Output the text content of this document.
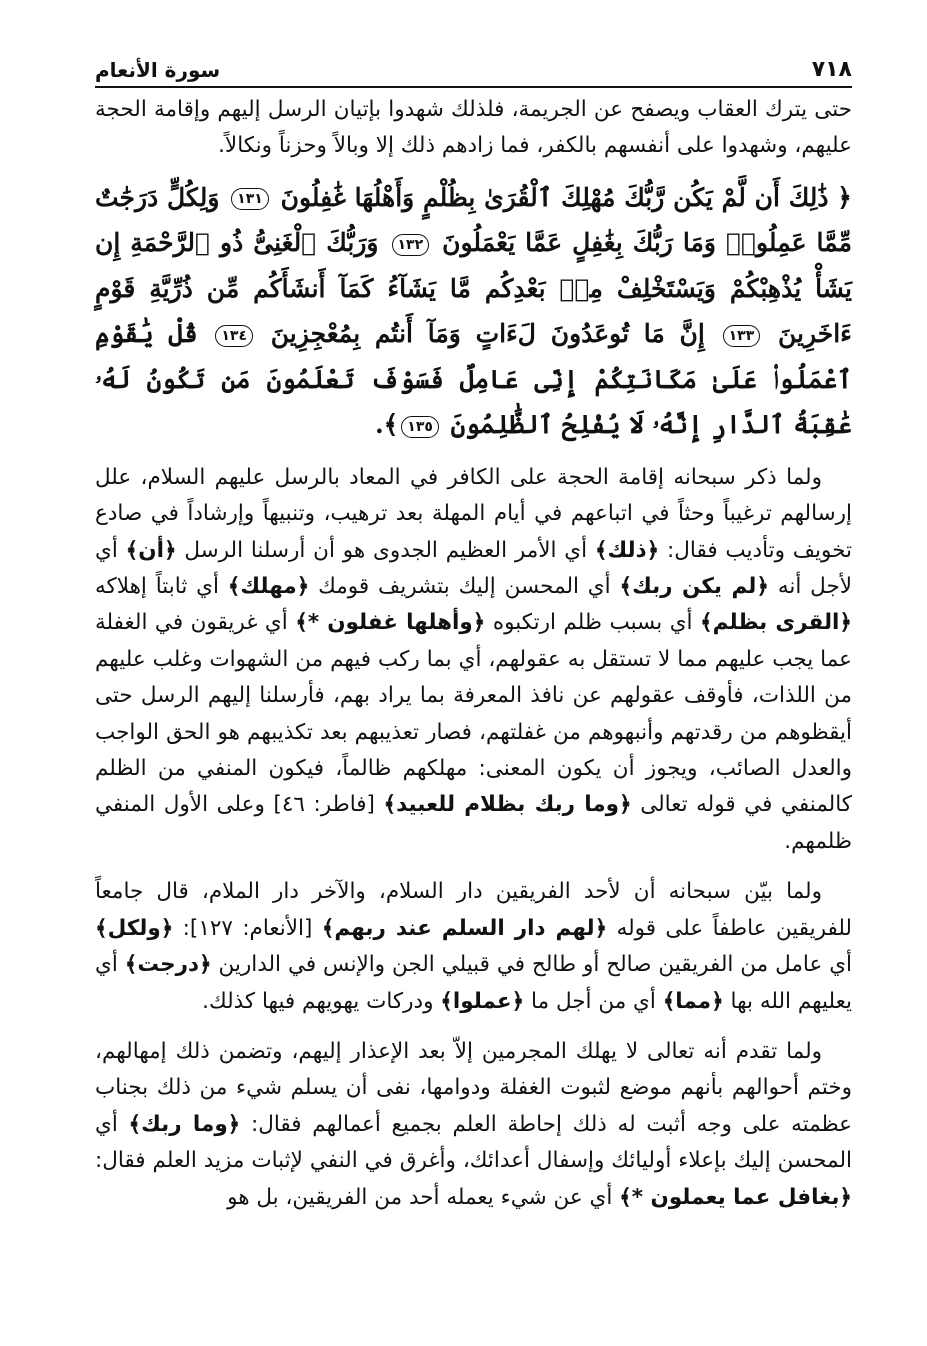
٧١٨
سورة الأنعام

حتى يترك العقاب ويصفح عن الجريمة، فلذلك شهدوا بإتيان الرسل إليهم وإقامة الحجة عليهم، وشهدوا على أنفسهم بالكفر، فما زادهم ذلك إلا وبالاً وحزناً ونكالاً.

﴿ ذَٰلِكَ أَن لَّمْ يَكُن رَّبُّكَ مُهْلِكَ ٱلْقُرَىٰ بِظُلْمٍ وَأَهْلُهَا غَٰفِلُونَ ١٣١ وَلِكُلٍّ دَرَجَٰتٌ مِّمَّا عَمِلُوا۟ وَمَا رَبُّكَ بِغَٰفِلٍ عَمَّا يَعْمَلُونَ ١٣٢ وَرَبُّكَ ٱلْغَنِىُّ ذُو ٱلرَّحْمَةِ إِن يَشَأْ يُذْهِبْكُمْ وَيَسْتَخْلِفْ مِنۢ بَعْدِكُم مَّا يَشَآءُ كَمَآ أَنشَأَكُم مِّن ذُرِّيَّةِ قَوْمٍ ءَاخَرِينَ ١٣٣ إِنَّ مَا تُوعَدُونَ لَءَاتٍ وَمَآ أَنتُم بِمُعْجِزِينَ ١٣٤ قُلْ يَٰقَوْمِ ٱعْمَلُوا۟ عَلَىٰ مَكَانَتِكُمْ إِنِّى عَامِلٌ فَسَوْفَ تَعْلَمُونَ مَن تَكُونُ لَهُۥ عَٰقِبَةُ ٱلدَّارِ إِنَّهُۥ لَا يُفْلِحُ ٱلظَّٰلِمُونَ ١٣٥﴾.

ولما ذكر سبحانه إقامة الحجة على الكافر في المعاد بالرسل عليهم السلام، علل إرسالهم ترغيباً وحثاً في اتباعهم في أيام المهلة بعد ترهيب، وتنبيهاً وإرشاداً في صادع تخويف وتأديب فقال: ﴿ذلك﴾ أي الأمر العظيم الجدوى هو أن أرسلنا الرسل ﴿أن﴾ أي لأجل أنه ﴿لم يكن ربك﴾ أي المحسن إليك بتشريف قومك ﴿مهلك﴾ أي ثابتاً إهلاكه ﴿القرى بظلم﴾ أي بسبب ظلم ارتكبوه ﴿وأهلها غفلون *﴾ أي غريقون في الغفلة عما يجب عليهم مما لا تستقل به عقولهم، أي بما ركب فيهم من الشهوات وغلب عليهم من اللذات، فأوقف عقولهم عن نافذ المعرفة بما يراد بهم، فأرسلنا إليهم الرسل حتى أيقظوهم من رقدتهم وأنبهوهم من غفلتهم، فصار تعذيبهم بعد تكذيبهم هو الحق الواجب والعدل الصائب، ويجوز أن يكون المعنى: مهلكهم ظالماً، فيكون المنفي من الظلم كالمنفي في قوله تعالى ﴿وما ربك بظلام للعبيد﴾ [فاطر: ٤٦] وعلى الأول المنفي ظلمهم.

ولما بيّن سبحانه أن لأحد الفريقين دار السلام، والآخر دار الملام، قال جامعاً للفريقين عاطفاً على قوله ﴿لهم دار السلم عند ربهم﴾ [الأنعام: ١٢٧]: ﴿ولكل﴾ أي عامل من الفريقين صالح أو طالح في قبيلي الجن والإنس في الدارين ﴿درجت﴾ أي يعليهم الله بها ﴿مما﴾ أي من أجل ما ﴿عملوا﴾ ودركات يهويهم فيها كذلك.

ولما تقدم أنه تعالى لا يهلك المجرمين إلاّ بعد الإعذار إليهم، وتضمن ذلك إمهالهم، وختم أحوالهم بأنهم موضع لثبوت الغفلة ودوامها، نفى أن يسلم شيء من ذلك بجناب عظمته على وجه أثبت له ذلك إحاطة العلم بجميع أعمالهم فقال: ﴿وما ربك﴾ أي المحسن إليك بإعلاء أوليائك وإسفال أعدائك، وأغرق في النفي لإثبات مزيد العلم فقال: ﴿بغافل عما يعملون *﴾ أي عن شيء يعمله أحد من الفريقين، بل هو
